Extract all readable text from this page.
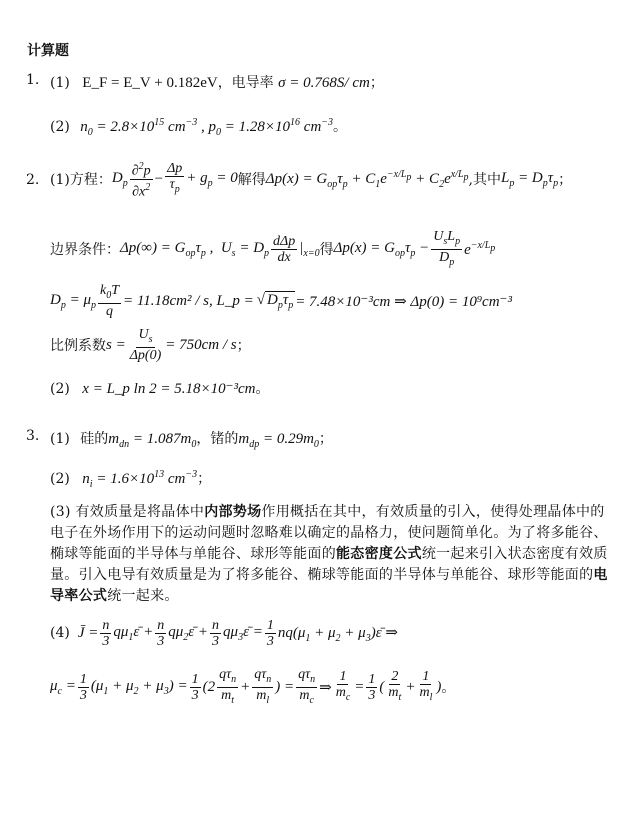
计算题
1. (1) E_F = E_V + 0.182eV，电导率 σ = 0.768S/ cm；
(2) $n_0 = 2.8\times 10^{15}$ $cm^{-3}$ , $p_0 = 1.28\times 10^{16}$ $cm^{-3}$。
2. (1)方程： $D_p \frac{\partial^2p}{\partial x^2} - \frac{\Delta p}{\tau_p} + g_p = 0$ 解得 $\Delta p(x) = G_{op}\tau_p + C_1e^{-x/L_p} + C_2e^{x/L_p}$ ,其中 $L_p = D_p\tau_p$ ；
边界条件： $\Delta p(\infty) = G_{op}\tau_p$ ,  $U_s = D_p \frac{\text{dΔp}}{dx} |_{x=0}$ 得 $\Delta p(x) = G_{op}\tau_p - \frac{U_sL_p}{D_p} e^{-x/L_p}$
$D_p = \mu_p \frac{k_0T}{q} = 11.18cm^2 / s$, L_p = √ $D_p\tau_p = 7.48\times 10^{-3}cm$ ⇒ Δp(0) = 10⁹cm⁻³
比例系数 $s = \frac{U_s}{\Delta p(0)} = 750cm / s$ ；
(2) x = L_p ln 2 = 5.18×10⁻³cm。
3. (1) 硅的$m_{dn} = 1.087m_0$，锗的$m_{dp} = 0.29m_0$；
(2) $n_i = 1.6\times 10^{13}$ $cm^{-3}$；
(3) 有效质量是将晶体中内部势场作用概括在其中，有效质量的引入，使得处理晶体中的电子在外场作用下的运动问题时忽略难以确定的晶格力，使问题简单化。为了将多能谷、椭球等能面的半导体与单能谷、球形等能面的能态密度公式统一起来引入状态密度有效质量。引入电导有效质量是为了将多能谷、椭球等能面的半导体与单能谷、球形等能面的电导率公式统一起来。
(4) J̄ = $\frac{n}{3}$ $q\mu_1\varepsilon̄ + \frac{n}{3}$ $q\mu_2\varepsilon̄ + \frac{n}{3}$ $q\mu_3\varepsilon̄ = \frac{1}{3} nq(\mu_1 + \mu_2$ + $\mu_3)\varepsilon̄$ ⇒
$\mu_c = \frac{1}{3} (\mu_1 + \mu_2 + \mu_3) = \frac{1}{3} (2 \frac{q\tau_n}{m_t} + \frac{q\tau_n}{m_l}$ ) = $\frac{q\tau_n}{m_c}$ ⇒ $\frac{1}{m_c} = \frac{1}{3}$ ( $\frac{2}{m_t} + \frac{1}{m_l}$ ) 。
